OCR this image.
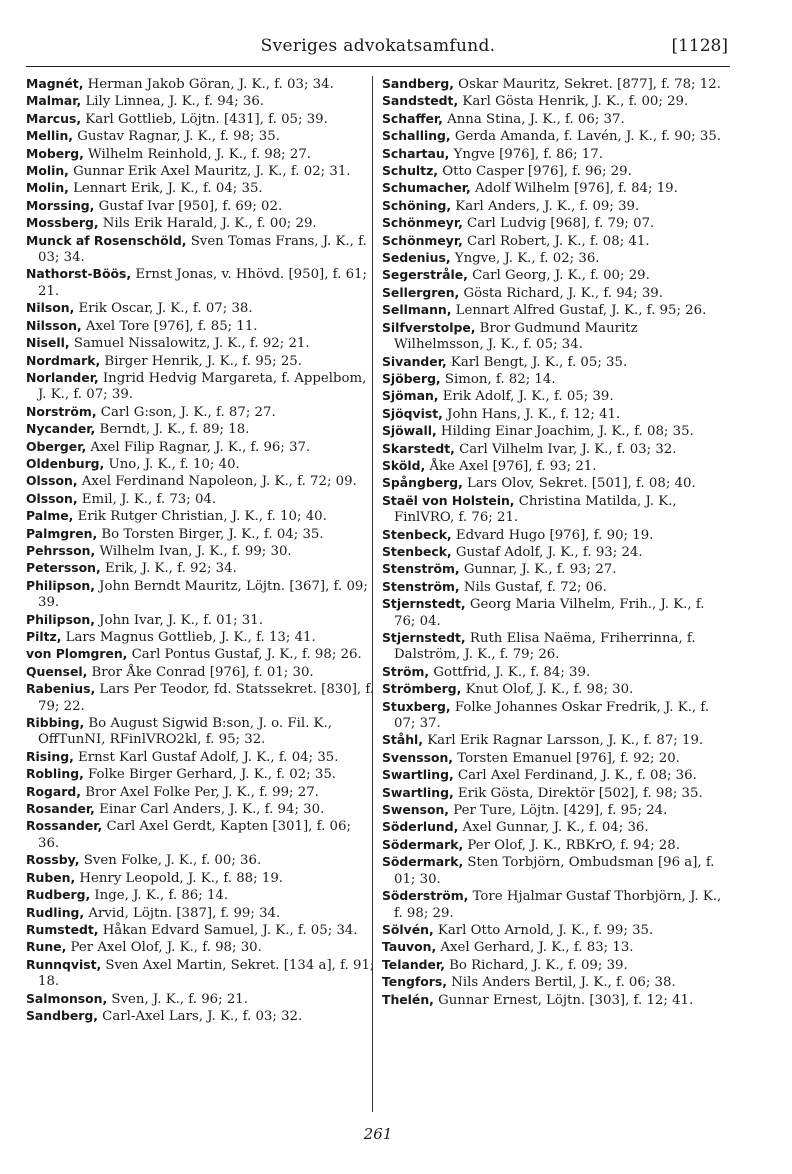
Sveriges advokatsamfund.	[1128]

Magnét, Herman Jakob Göran, J. K., f. 03; 34.

Malmar, Lily Linnea, J. K., f. 94; 36.

Marcus, Karl Gottlieb, Löjtn. [431], f. 05; 39.

Mellin, Gustav Ragnar, J. K., f. 98; 35.

Moberg, Wilhelm Reinhold, J. K., f. 98; 27.

Molin, Gunnar Erik Axel Mauritz, J. K., f. 02; 31.

Molin, Lennart Erik, J. K., f. 04; 35.

Morssing, Gustaf Ivar [950], f. 69; 02.

Mossberg, Nils Erik Harald, J. K., f. 00; 29.

Munck af Rosenschöld, Sven Tomas Frans, J. K., f. 03; 34.

Nathorst-Böös, Ernst Jonas, v. Hhövd. [950], f. 61; 21.

Nilson, Erik Oscar, J. K., f. 07; 38.

Nilsson, Axel Tore [976], f. 85; 11.

Nisell, Samuel Nissalowitz, J. K., f. 92; 21.

Nordmark, Birger Henrik, J. K., f. 95; 25.

Norlander, Ingrid Hedvig Margareta, f. Appelbom, J. K., f. 07; 39.

Norström, Carl G:son, J. K., f. 87; 27.

Nycander, Berndt, J. K., f. 89; 18.

Oberger, Axel Filip Ragnar, J. K., f. 96; 37.

Oldenburg, Uno, J. K., f. 10; 40.

Olsson, Axel Ferdinand Napoleon, J. K., f. 72; 09.

Olsson, Emil, J. K., f. 73; 04.

Palme, Erik Rutger Christian, J. K., f. 10; 40.

Palmgren, Bo Torsten Birger, J. K., f. 04; 35.

Pehrsson, Wilhelm Ivan, J. K., f. 99; 30.

Petersson, Erik, J. K., f. 92; 34.

Philipson, John Berndt Mauritz, Löjtn. [367], f. 09; 39.

Philipson, John Ivar, J. K., f. 01; 31.

Piltz, Lars Magnus Gottlieb, J. K., f. 13; 41.

von Plomgren, Carl Pontus Gustaf, J. K., f. 98; 26.

Quensel, Bror Åke Conrad [976], f. 01; 30.

Rabenius, Lars Per Teodor, fd. Statssekret. [830], f. 79; 22.

Ribbing, Bo August Sigwid B:son, J. o. Fil. K., OffTunNI, RFinlVRO2kl, f. 95; 32.

Rising, Ernst Karl Gustaf Adolf, J. K., f. 04; 35.

Robling, Folke Birger Gerhard, J. K., f. 02; 35.

Rogard, Bror Axel Folke Per, J. K., f. 99; 27.

Rosander, Einar Carl Anders, J. K., f. 94; 30.

Rossander, Carl Axel Gerdt, Kapten [301], f. 06; 36.

Rossby, Sven Folke, J. K., f. 00; 36.

Ruben, Henry Leopold, J. K., f. 88; 19.

Rudberg, Inge, J. K., f. 86; 14.

Rudling, Arvid, Löjtn. [387], f. 99; 34.

Rumstedt, Håkan Edvard Samuel, J. K., f. 05; 34.

Rune, Per Axel Olof, J. K., f. 98; 30.

Runnqvist, Sven Axel Martin, Sekret. [134 a], f. 91; 18.

Salmonson, Sven, J. K., f. 96; 21.

Sandberg, Carl-Axel Lars, J. K., f. 03; 32.

Sandberg, Oskar Mauritz, Sekret. [877], f. 78; 12.

Sandstedt, Karl Gösta Henrik, J. K., f. 00; 29.

Schaffer, Anna Stina, J. K., f. 06; 37.

Schalling, Gerda Amanda, f. Lavén, J. K., f. 90; 35.

Schartau, Yngve [976], f. 86; 17.

Schultz, Otto Casper [976], f. 96; 29.

Schumacher, Adolf Wilhelm [976], f. 84; 19.

Schöning, Karl Anders, J. K., f. 09; 39.

Schönmeyr, Carl Ludvig [968], f. 79; 07.

Schönmeyr, Carl Robert, J. K., f. 08; 41.

Sedenius, Yngve, J. K., f. 02; 36.

Segerstråle, Carl Georg, J. K., f. 00; 29.

Sellergren, Gösta Richard, J. K., f. 94; 39.

Sellmann, Lennart Alfred Gustaf, J. K., f. 95; 26.

Silfverstolpe, Bror Gudmund Mauritz Wilhelmsson, J. K., f. 05; 34.

Sivander, Karl Bengt, J. K., f. 05; 35.

Sjöberg, Simon, f. 82; 14.

Sjöman, Erik Adolf, J. K., f. 05; 39.

Sjöqvist, John Hans, J. K., f. 12; 41.

Sjöwall, Hilding Einar Joachim, J. K., f. 08; 35.

Skarstedt, Carl Vilhelm Ivar, J. K., f. 03; 32.

Sköld, Åke Axel [976], f. 93; 21.

Spångberg, Lars Olov, Sekret. [501], f. 08; 40.

Staël von Holstein, Christina Matilda, J. K., FinlVRO, f. 76; 21.

Stenbeck, Edvard Hugo [976], f. 90; 19.

Stenbeck, Gustaf Adolf, J. K., f. 93; 24.

Stenström, Gunnar, J. K., f. 93; 27.

Stenström, Nils Gustaf, f. 72; 06.

Stjernstedt, Georg Maria Vilhelm, Frih., J. K., f. 76; 04.

Stjernstedt, Ruth Elisa Naëma, Friherrinna, f. Dalström, J. K., f. 79; 26.

Ström, Gottfrid, J. K., f. 84; 39.

Strömberg, Knut Olof, J. K., f. 98; 30.

Stuxberg, Folke Johannes Oskar Fredrik, J. K., f. 07; 37.

Ståhl, Karl Erik Ragnar Larsson, J. K., f. 87; 19.

Svensson, Torsten Emanuel [976], f. 92; 20.

Swartling, Carl Axel Ferdinand, J. K., f. 08; 36.

Swartling, Erik Gösta, Direktör [502], f. 98; 35.

Swenson, Per Ture, Löjtn. [429], f. 95; 24.

Söderlund, Axel Gunnar, J. K., f. 04; 36.

Södermark, Per Olof, J. K., RBKrO, f. 94; 28.

Södermark, Sten Torbjörn, Ombudsman [96 a], f. 01; 30.

Söderström, Tore Hjalmar Gustaf Thorbjörn, J. K., f. 98; 29.

Sölvén, Karl Otto Arnold, J. K., f. 99; 35.

Tauvon, Axel Gerhard, J. K., f. 83; 13.

Telander, Bo Richard, J. K., f. 09; 39.

Tengfors, Nils Anders Bertil, J. K., f. 06; 38.

Thelén, Gunnar Ernest, Löjtn. [303], f. 12; 41.

261
